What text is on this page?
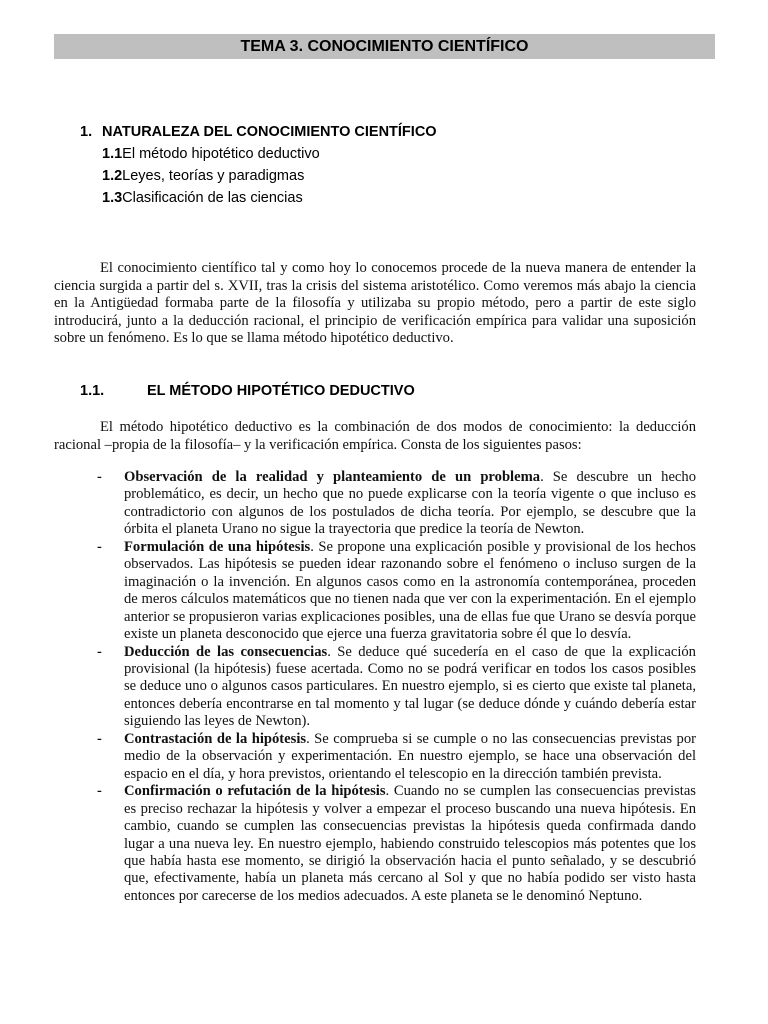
TEMA 3. CONOCIMIENTO CIENTÍFICO
1. NATURALEZA DEL CONOCIMIENTO CIENTÍFICO
1.1El método hipotético deductivo
1.2Leyes, teorías y paradigmas
1.3Clasificación de las ciencias

El conocimiento científico tal y como hoy lo conocemos procede de la nueva manera de entender la ciencia surgida a partir del s. XVII, tras la crisis del sistema aristotélico. Como veremos más abajo la ciencia en la Antigüedad formaba parte de la filosofía y utilizaba su propio método, pero a partir de este siglo introducirá, junto a la deducción racional, el principio de verificación empírica para validar una suposición sobre un fenómeno. Es lo que se llama método hipotético deductivo.

1.1.	EL MÉTODO HIPOTÉTICO DEDUCTIVO

El método hipotético deductivo es la combinación de dos modos de conocimiento: la deducción racional –propia de la filosofía– y la verificación empírica. Consta de los siguientes pasos:

- Observación de la realidad y planteamiento de un problema. Se descubre un hecho problemático, es decir, un hecho que no puede explicarse con la teoría vigente o que incluso es contradictorio con algunos de los postulados de dicha teoría. Por ejemplo, se descubre que la órbita el planeta Urano no sigue la trayectoria que predice la teoría de Newton.
- Formulación de una hipótesis. Se propone una explicación posible y provisional de los hechos observados. Las hipótesis se pueden idear razonando sobre el fenómeno o incluso surgen de la imaginación o la invención. En algunos casos como en la astronomía contemporánea, proceden de meros cálculos matemáticos que no tienen nada que ver con la experimentación. En el ejemplo anterior se propusieron varias explicaciones posibles, una de ellas fue que Urano se desvía porque existe un planeta desconocido que ejerce una fuerza gravitatoria sobre él que lo desvía.
- Deducción de las consecuencias. Se deduce qué sucedería en el caso de que la explicación provisional (la hipótesis) fuese acertada. Como no se podrá verificar en todos los casos posibles se deduce uno o algunos casos particulares. En nuestro ejemplo, si es cierto que existe tal planeta, entonces debería encontrarse en tal momento y tal lugar (se deduce dónde y cuándo debería estar siguiendo las leyes de Newton).
- Contrastación de la hipótesis. Se comprueba si se cumple o no las consecuencias previstas por medio de la observación y experimentación. En nuestro ejemplo, se hace una observación del espacio en el día, y hora previstos, orientando el telescopio en la dirección también prevista.
- Confirmación o refutación de la hipótesis. Cuando no se cumplen las consecuencias previstas es preciso rechazar la hipótesis y volver a empezar el proceso buscando una nueva hipótesis. En cambio, cuando se cumplen las consecuencias previstas la hipótesis queda confirmada dando lugar a una nueva ley. En nuestro ejemplo, habiendo construido telescopios más potentes que los que había hasta ese momento, se dirigió la observación hacia el punto señalado, y se descubrió que, efectivamente, había un planeta más cercano al Sol y que no había podido ser visto hasta entonces por carecerse de los medios adecuados. A este planeta se le denominó Neptuno.
